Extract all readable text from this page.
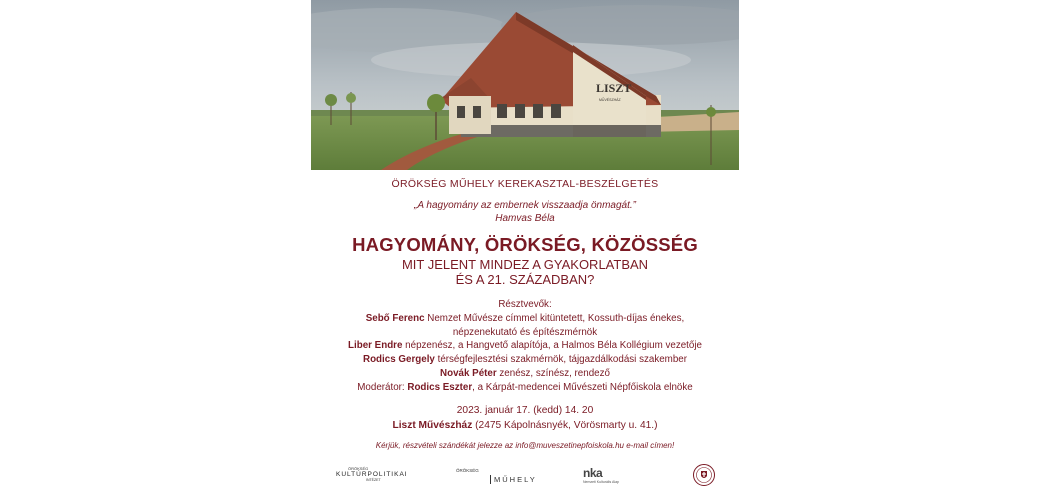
LISZT
MŰVÉSZHÁZ
ÖRÖKSÉG MŰHELY KEREKASZTAL-BESZÉLGETÉS
„A hagyomány az embernek visszaadja önmagát.”
Hamvas Béla
HAGYOMÁNY, ÖRÖKSÉG, KÖZÖSSÉG
MIT JELENT MINDEZ A GYAKORLATBAN
ÉS A 21. SZÁZADBAN?
Résztvevők:
Sebő Ferenc Nemzet Művésze címmel kitüntetett, Kossuth-díjas énekes,
népzenekutató és építészmérnök
Liber Endre népzenész, a Hangvető alapítója, a Halmos Béla Kollégium vezetője
Rodics Gergely térségfejlesztési szakmérnök, tájgazdálkodási szakember
Novák Péter zenész, színész, rendező
Moderátor: Rodics Eszter, a Kárpát-medencei Művészeti Népfőiskola elnöke
2023. január 17. (kedd) 14. 20
Liszt Művészház (2475 Kápolnásnyék, Vörösmarty u. 41.)
Kérjük, részvételi szándékát jelezze az info@muveszetinepfoiskola.hu e-mail címen!
ÖRÖKSÉG
KULTÚRPOLITIKAI
INTÉZET
ÖRÖKSÉG
MŰHELY	nka
Nemzeti Kulturális Alap
